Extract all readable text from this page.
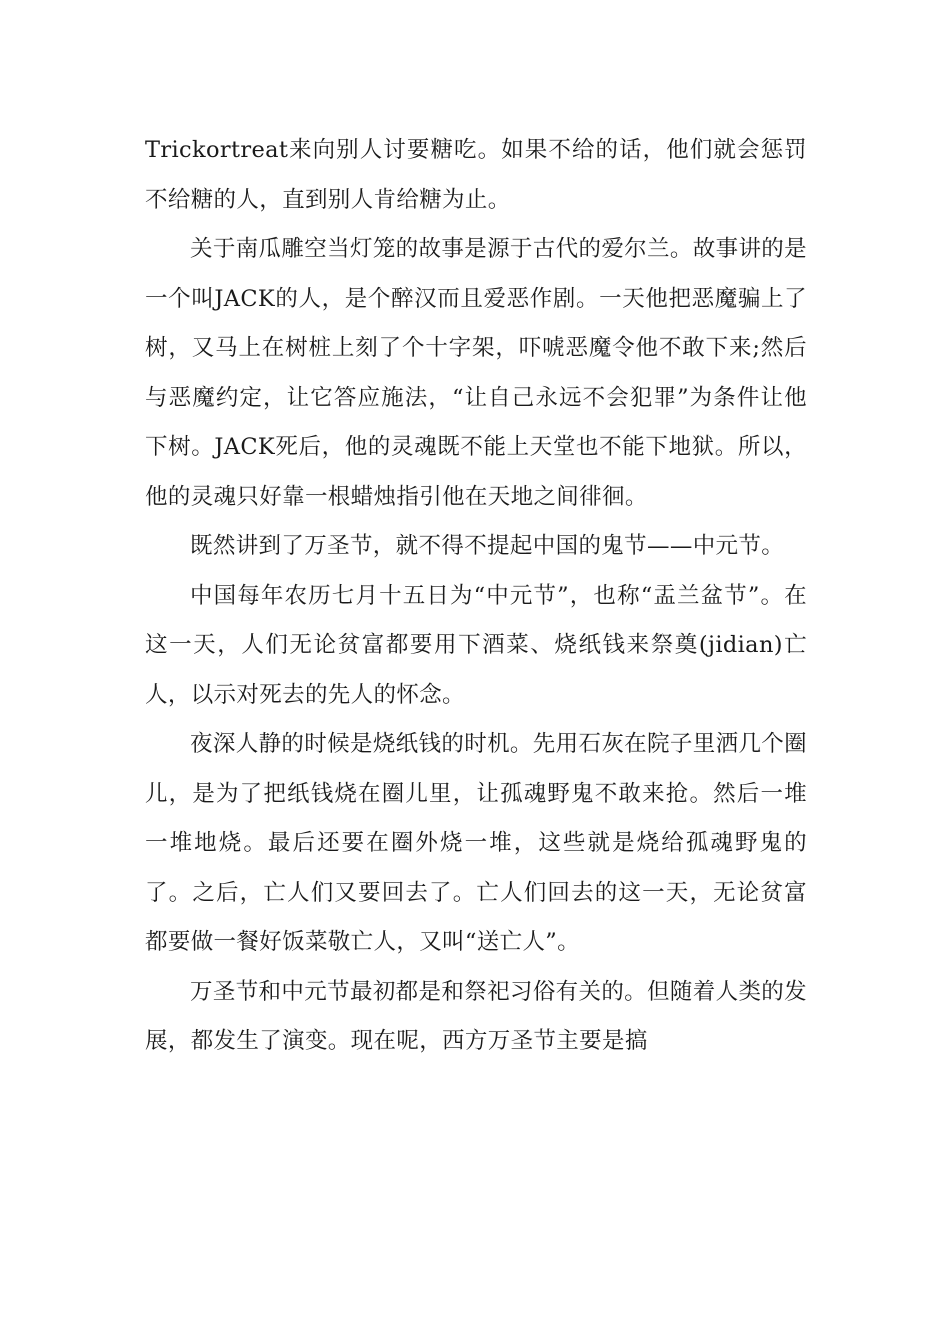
Trickortreat来向别人讨要糖吃。如果不给的话，他们就会惩罚不给糖的人，直到别人肯给糖为止。

关于南瓜雕空当灯笼的故事是源于古代的爱尔兰。故事讲的是一个叫JACK的人，是个醉汉而且爱恶作剧。一天他把恶魔骗上了树，又马上在树桩上刻了个十字架，吓唬恶魔令他不敢下来;然后与恶魔约定，让它答应施法，“让自己永远不会犯罪”为条件让他下树。JACK死后，他的灵魂既不能上天堂也不能下地狱。所以，他的灵魂只好靠一根蜡烛指引他在天地之间徘徊。

既然讲到了万圣节，就不得不提起中国的鬼节——中元节。

中国每年农历七月十五日为“中元节”，也称“盂兰盆节”。在这一天，人们无论贫富都要用下酒菜、烧纸钱来祭奠(jidian)亡人，以示对死去的先人的怀念。

夜深人静的时候是烧纸钱的时机。先用石灰在院子里洒几个圈儿，是为了把纸钱烧在圈儿里，让孤魂野鬼不敢来抢。然后一堆一堆地烧。最后还要在圈外烧一堆，这些就是烧给孤魂野鬼的了。之后，亡人们又要回去了。亡人们回去的这一天，无论贫富都要做一餐好饭菜敬亡人，又叫“送亡人”。

万圣节和中元节最初都是和祭祀习俗有关的。但随着人类的发展，都发生了演变。现在呢，西方万圣节主要是搞
